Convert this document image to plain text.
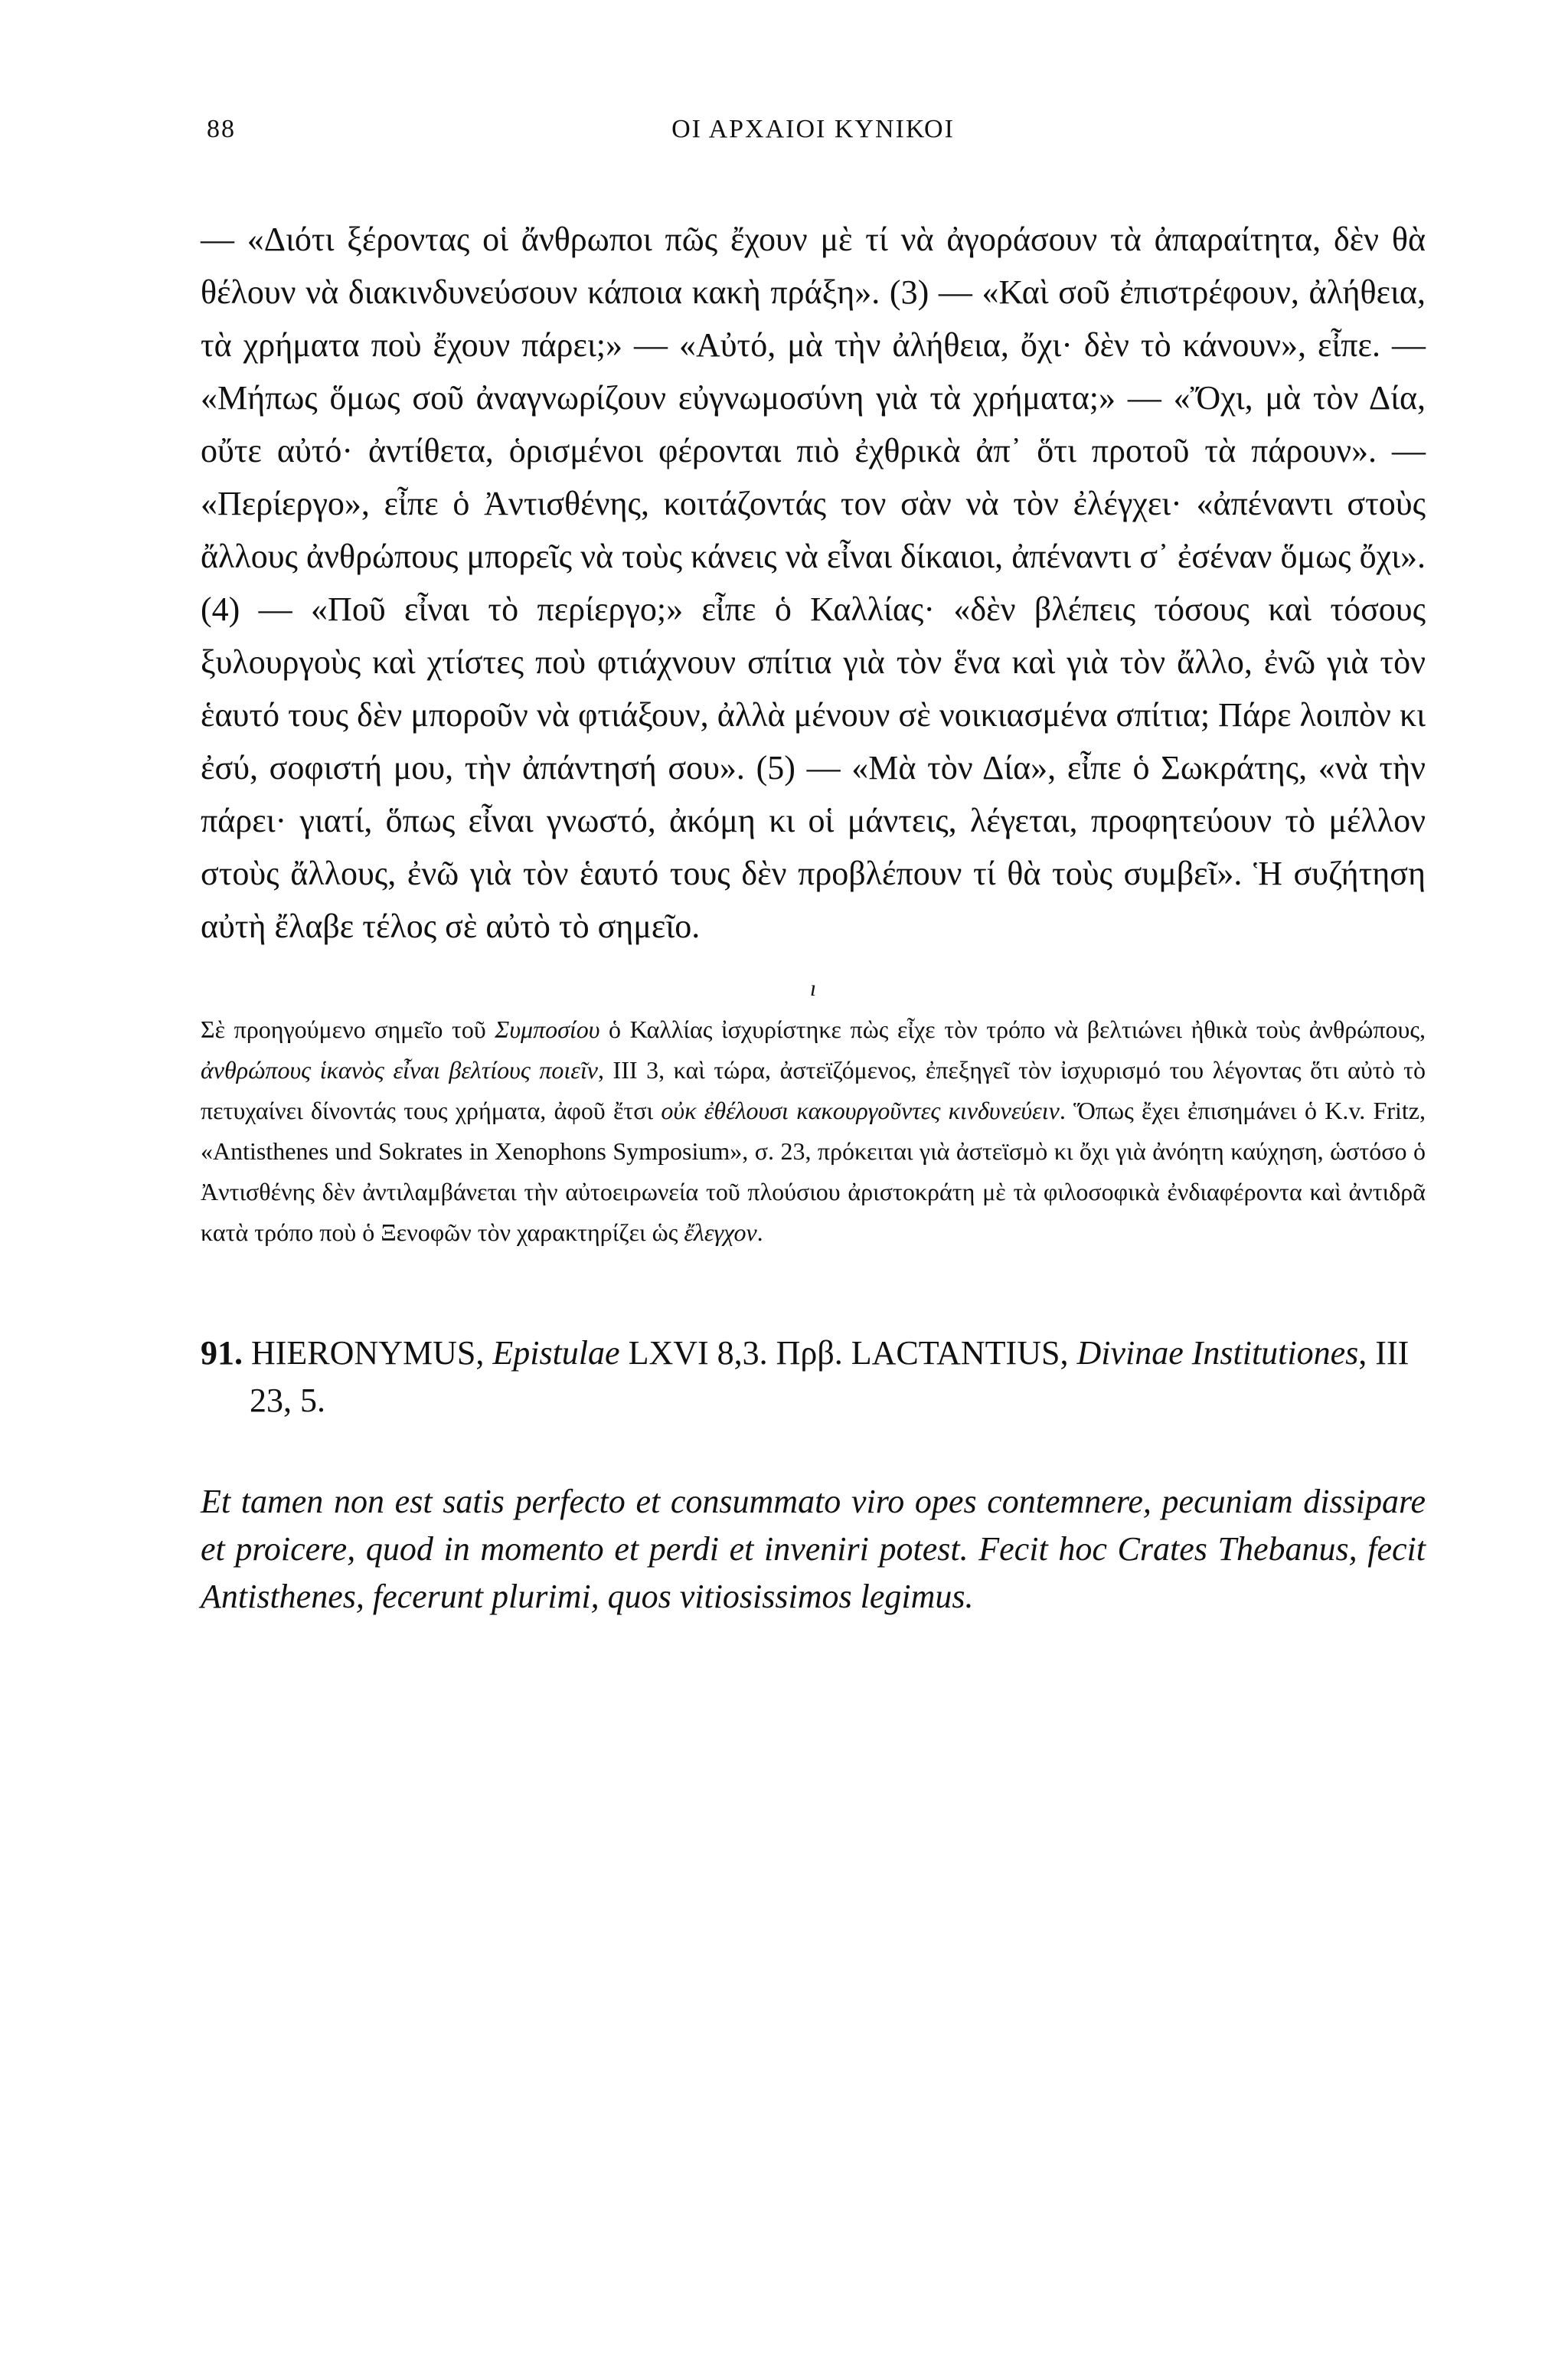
88	ΟΙ ΑΡΧΑΙΟΙ ΚΥΝΙΚΟΙ

— «Διότι ξέροντας οἱ ἄνθρωποι πῶς ἔχουν μὲ τί νὰ ἀγοράσουν τὰ ἀπαραίτητα, δὲν θὰ θέλουν νὰ διακινδυνεύσουν κάποια κακὴ πράξη». (3) — «Καὶ σοῦ ἐπιστρέφουν, ἀλήθεια, τὰ χρήματα ποὺ ἔχουν πάρει;» — «Αὐτό, μὰ τὴν ἀλήθεια, ὄχι· δὲν τὸ κάνουν», εἶπε. — «Μήπως ὅμως σοῦ ἀναγνωρίζουν εὐγνωμοσύνη γιὰ τὰ χρήματα;» — «Ὄχι, μὰ τὸν Δία, οὔτε αὐτό· ἀντίθετα, ὁρισμένοι φέρονται πιὸ ἐχθρικὰ ἀπ᾽ ὅτι προτοῦ τὰ πάρουν». — «Περίεργο», εἶπε ὁ Ἀντισθένης, κοιτάζοντάς τον σὰν νὰ τὸν ἐλέγχει· «ἀπέναντι στοὺς ἄλλους ἀνθρώπους μπορεῖς νὰ τοὺς κάνεις νὰ εἶναι δίκαιοι, ἀπέναντι σ᾽ ἐσέναν ὅμως ὄχι». (4) — «Ποῦ εἶναι τὸ περίεργο;» εἶπε ὁ Καλλίας· «δὲν βλέπεις τόσους καὶ τόσους ξυλουργοὺς καὶ χτίστες ποὺ φτιάχνουν σπίτια γιὰ τὸν ἕνα καὶ γιὰ τὸν ἄλλο, ἐνῶ γιὰ τὸν ἑαυτό τους δὲν μποροῦν νὰ φτιάξουν, ἀλλὰ μένουν σὲ νοικιασμένα σπίτια; Πάρε λοιπὸν κι ἐσύ, σοφιστή μου, τὴν ἀπάντησή σου». (5) — «Μὰ τὸν Δία», εἶπε ὁ Σωκράτης, «νὰ τὴν πάρει· γιατί, ὅπως εἶναι γνωστό, ἀκόμη κι οἱ μάντεις, λέγεται, προφητεύουν τὸ μέλλον στοὺς ἄλλους, ἐνῶ γιὰ τὸν ἑαυτό τους δὲν προβλέπουν τί θὰ τοὺς συμβεῖ». Ἡ συζήτηση αὐτὴ ἔλαβε τέλος σὲ αὐτὸ τὸ σημεῖο.

ı

Σὲ προηγούμενο σημεῖο τοῦ Συμποσίου ὁ Καλλίας ἰσχυρίστηκε πὼς εἶχε τὸν τρόπο νὰ βελτιώνει ἠθικὰ τοὺς ἀνθρώπους, ἀνθρώπους ἱκανὸς εἶναι βελτίους ποιεῖν, III 3, καὶ τώρα, ἀστεϊζόμενος, ἐπεξηγεῖ τὸν ἰσχυρισμό του λέγοντας ὅτι αὐτὸ τὸ πετυχαίνει δίνοντάς τους χρήματα, ἀφοῦ ἔτσι οὐκ ἐθέλουσι κακουργοῦντες κινδυνεύειν. Ὅπως ἔχει ἐπισημάνει ὁ K.v. Fritz, «Antisthenes und Sokrates in Xenophons Symposium», σ. 23, πρόκειται γιὰ ἀστεϊσμὸ κι ὄχι γιὰ ἀνόητη καύχηση, ὡστόσο ὁ Ἀντισθένης δὲν ἀντιλαμβάνεται τὴν αὐτοειρωνεία τοῦ πλούσιου ἀριστοκράτη μὲ τὰ φιλοσοφικὰ ἐνδιαφέροντα καὶ ἀντιδρᾶ κατὰ τρόπο ποὺ ὁ Ξενοφῶν τὸν χαρακτηρίζει ὡς ἔλεγχον.

91. HIERONYMUS, Epistulae LXVI 8,3. Πρβ. LACTANTIUS, Divinae Institutiones, III 23, 5.

Et tamen non est satis perfecto et consummato viro opes contemnere, pecuniam dissipare et proicere, quod in momento et perdi et inveniri potest. Fecit hoc Crates Thebanus, fecit Antisthenes, fecerunt plurimi, quos vitiosissimos legimus.
